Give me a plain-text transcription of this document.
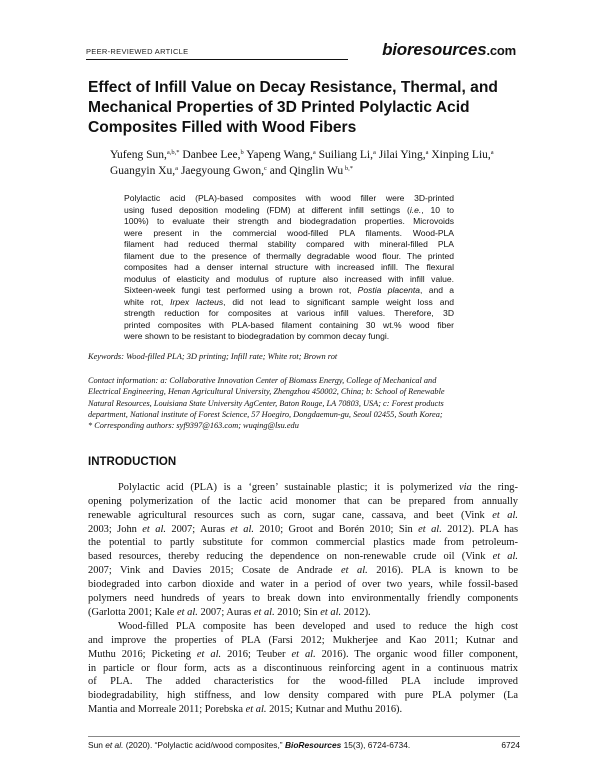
PEER-REVIEWED ARTICLE	bioresources.com
Effect of Infill Value on Decay Resistance, Thermal, and
Mechanical Properties of 3D Printed Polylactic Acid
Composites Filled with Wood Fibers
Yufeng Sun,$^{a,b,*}$ Danbee Lee,$^b$ Yapeng Wang,$^a$ Suiliang Li,$^a$ Jilai Ying,$^a$ Xinping Liu,$^a$
Guangyin Xu,$^a$ Jaegyoung Gwon,$^c$ and Qinglin Wu $^{b,*}$
Polylactic acid (PLA)-based composites with wood filler were 3D-printed
using fused deposition modeling (FDM) at different infill settings (i.e., 10 to
100%) to evaluate their strength and biodegradation properties. Microvoids
were present in the commercial wood-filled PLA filaments. Wood-PLA
filament had reduced thermal stability compared with mineral-filled PLA
filament due to the presence of thermally degradable wood flour. The printed
composites had a denser internal structure with increased infill. The flexural
modulus of elasticity and modulus of rupture also increased with infill value.
Sixteen-week fungi test performed using a brown rot, Postia placenta, and a
white rot, Irpex lacteus, did not lead to significant sample weight loss and
strength reduction for composites at various infill values. Therefore, 3D
printed composites with PLA-based filament containing 30 wt.% wood fiber
were shown to be resistant to biodegradation by common decay fungi.
Keywords: Wood-filled PLA; 3D printing; Infill rate; White rot; Brown rot
Contact information: a: Collaborative Innovation Center of Biomass Energy, College of Mechanical and
Electrical Engineering, Henan Agricultural University, Zhengzhou 450002, China; b: School of Renewable
Natural Resources, Louisiana State University AgCenter, Baton Rouge, LA 70803, USA; c: Forest products
department, National institute of Forest Science, 57 Hoegiro, Dongdaemun-gu, Seoul 02455, South Korea;
* Corresponding authors: syf9397@163.com; wuqing@lsu.edu
INTRODUCTION
Polylactic acid (PLA) is a ‘green’ sustainable plastic; it is polymerized via the ring-
opening polymerization of the lactic acid monomer that can be prepared from annually
renewable agricultural resources such as corn, sugar cane, cassava, and beet (Vink et al.
2003; John et al. 2007; Auras et al. 2010; Groot and Borén 2010; Sin et al. 2012). PLA has
the potential to partly substitute for common commercial plastics made from petroleum-
based resources, thereby reducing the dependence on non-renewable crude oil (Vink et al.
2007; Vink and Davies 2015; Cosate de Andrade et al. 2016). PLA is known to be
biodegraded into carbon dioxide and water in a period of over two years, while fossil-based
polymers need hundreds of years to break down into environmentally friendly components
(Garlotta 2001; Kale et al. 2007; Auras et al. 2010; Sin et al. 2012).
Wood-filled PLA composite has been developed and used to reduce the high cost
and improve the properties of PLA (Farsi 2012; Mukherjee and Kao 2011; Kutnar and
Muthu 2016; Picketing et al. 2016; Teuber et al. 2016). The organic wood filler component,
in particle or flour form, acts as a discontinuous reinforcing agent in a continuous matrix
of PLA. The added characteristics for the wood-filled PLA include improved
biodegradability, high stiffness, and low density compared with pure PLA polymer (La
Mantia and Morreale 2011; Porebska et al. 2015; Kutnar and Muthu 2016).
Sun et al. (2020). “Polylactic acid/wood composites,” BioResources 15(3), 6724-6734.	6724
